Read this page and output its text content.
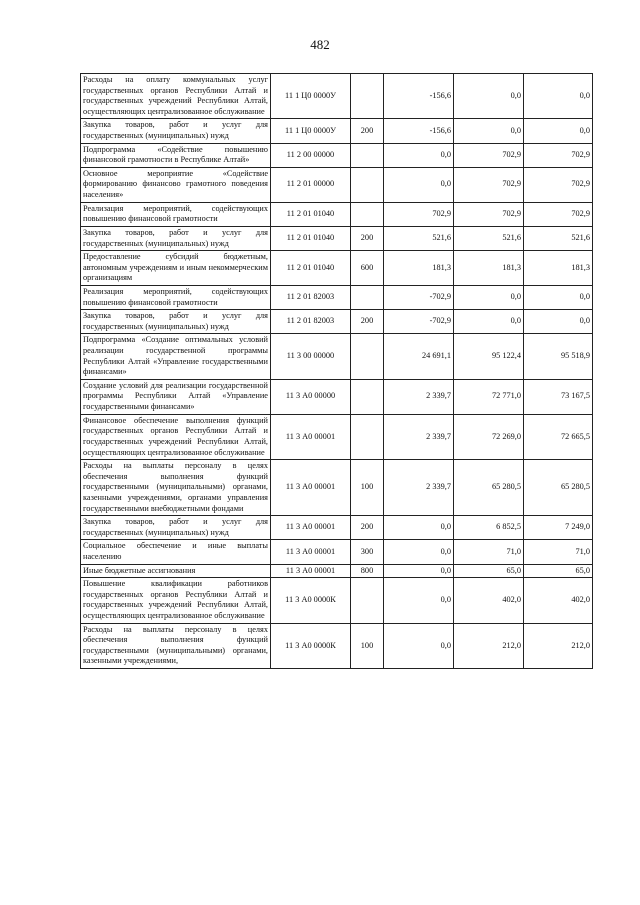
482
Расходы на оплату коммунальных услуг государственных органов Республики Алтай и государственных учреждений Республики Алтай, осуществляющих централизованное обслуживание	11 1 Ц0 0000У		-156,6	0,0	0,0
Закупка товаров, работ и услуг для государственных (муниципальных) нужд	11 1 Ц0 0000У	200	-156,6	0,0	0,0
Подпрограмма «Содействие повышению финансовой грамотности в Республике Алтай»	11 2 00 00000		0,0	702,9	702,9
Основное мероприятие «Содействие формированию финансово грамотного поведения населения»	11 2 01 00000		0,0	702,9	702,9
Реализация мероприятий, содействующих повышению финансовой грамотности	11 2 01 01040		702,9	702,9	702,9
Закупка товаров, работ и услуг для государственных (муниципальных) нужд	11 2 01 01040	200	521,6	521,6	521,6
Предоставление субсидий бюджетным, автономным учреждениям и иным некоммерческим организациям	11 2 01 01040	600	181,3	181,3	181,3
Реализация мероприятий, содействующих повышению финансовой грамотности	11 2 01 82003		-702,9	0,0	0,0
Закупка товаров, работ и услуг для государственных (муниципальных) нужд	11 2 01 82003	200	-702,9	0,0	0,0
Подпрограмма «Создание оптимальных условий реализации государственной программы Республики Алтай «Управление государственными финансами»	11 3 00 00000		24 691,1	95 122,4	95 518,9
Создание условий для реализации государственной программы Республики Алтай «Управление государственными финансами»	11 3 А0 00000		2 339,7	72 771,0	73 167,5
Финансовое обеспечение выполнения функций государственных органов Республики Алтай и государственных учреждений Республики Алтай, осуществляющих централизованное обслуживание	11 3 А0 00001		2 339,7	72 269,0	72 665,5
Расходы на выплаты персоналу в целях обеспечения выполнения функций государственными (муниципальными) органами, казенными учреждениями, органами управления государственными внебюджетными фондами	11 3 А0 00001	100	2 339,7	65 280,5	65 280,5
Закупка товаров, работ и услуг для государственных (муниципальных) нужд	11 3 А0 00001	200	0,0	6 852,5	7 249,0
Социальное обеспечение и иные выплаты населению	11 3 А0 00001	300	0,0	71,0	71,0
Иные бюджетные ассигнования	11 3 А0 00001	800	0,0	65,0	65,0
Повышение квалификации работников государственных органов Республики Алтай и государственных учреждений Республики Алтай, осуществляющих централизованное обслуживание	11 3 А0 0000К		0,0	402,0	402,0
Расходы на выплаты персоналу в целях обеспечения выполнения функций государственными (муниципальными) органами, казенными учреждениями,	11 3 А0 0000К	100	0,0	212,0	212,0
